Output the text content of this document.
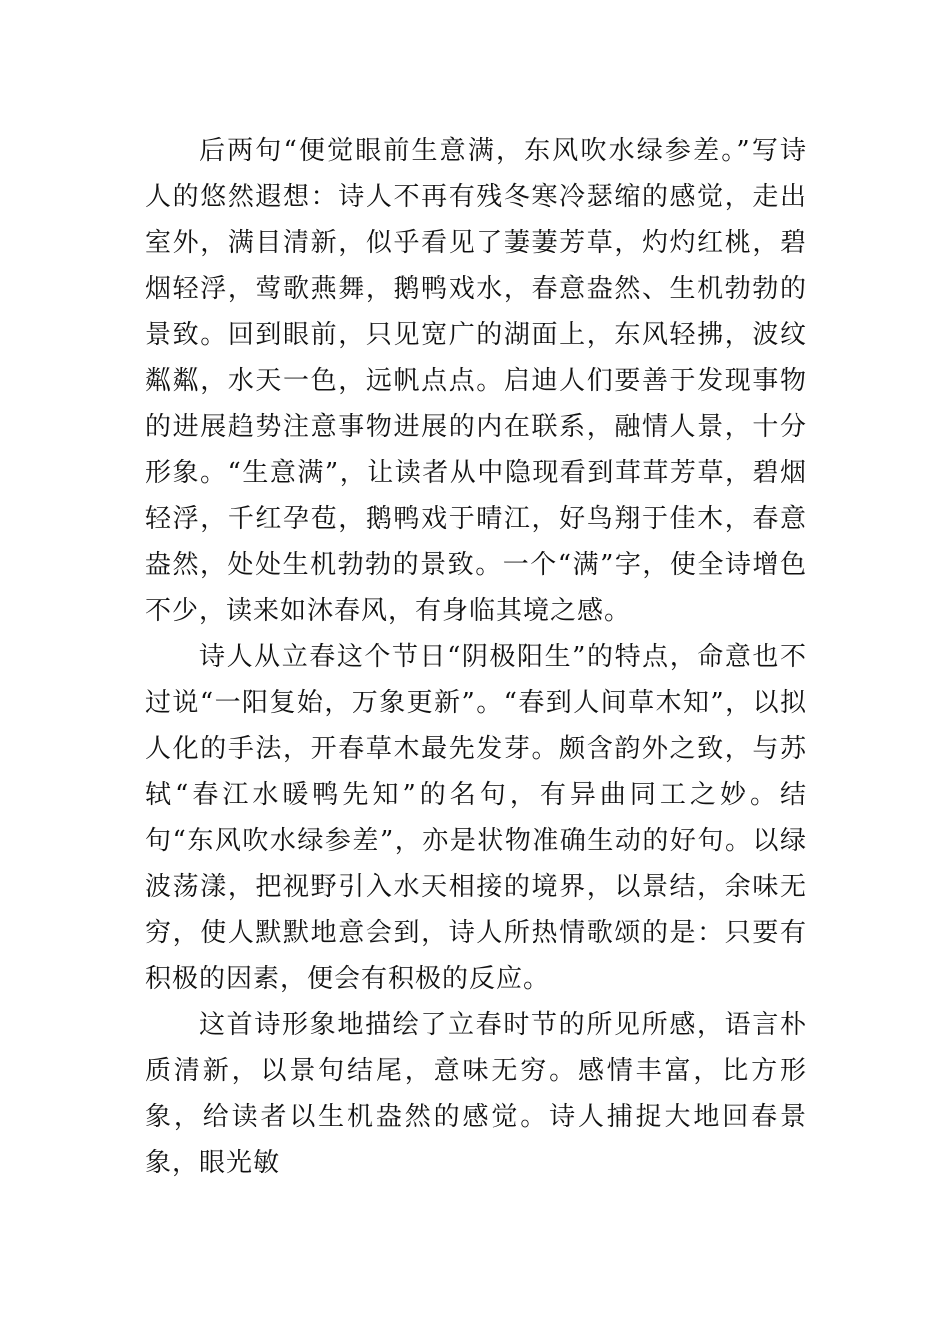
后两句“便觉眼前生意满，东风吹水绿参差。”写诗人的悠然遐想：诗人不再有残冬寒冷瑟缩的感觉，走出室外，满目清新，似乎看见了萋萋芳草，灼灼红桃，碧烟轻浮，莺歌燕舞，鹅鸭戏水，春意盎然、生机勃勃的景致。回到眼前，只见宽广的湖面上，东风轻拂，波纹粼粼，水天一色，远帆点点。启迪人们要善于发现事物的进展趋势注意事物进展的内在联系，融情人景，十分形象。“生意满”，让读者从中隐现看到茸茸芳草，碧烟轻浮，千红孕苞，鹅鸭戏于晴江，好鸟翔于佳木，春意盎然，处处生机勃勃的景致。一个“满”字，使全诗增色不少，读来如沐春风，有身临其境之感。

诗人从立春这个节日“阴极阳生”的特点，命意也不过说“一阳复始，万象更新”。“春到人间草木知”，以拟人化的手法，开春草木最先发芽。颇含韵外之致，与苏轼“春江水暖鸭先知”的名句，有异曲同工之妙。结句“东风吹水绿参差”，亦是状物准确生动的好句。以绿波荡漾，把视野引入水天相接的境界，以景结，余味无穷，使人默默地意会到，诗人所热情歌颂的是：只要有积极的因素，便会有积极的反应。

这首诗形象地描绘了立春时节的所见所感，语言朴质清新，以景句结尾，意味无穷。感情丰富，比方形象，给读者以生机盎然的感觉。诗人捕捉大地回春景象，眼光敏
